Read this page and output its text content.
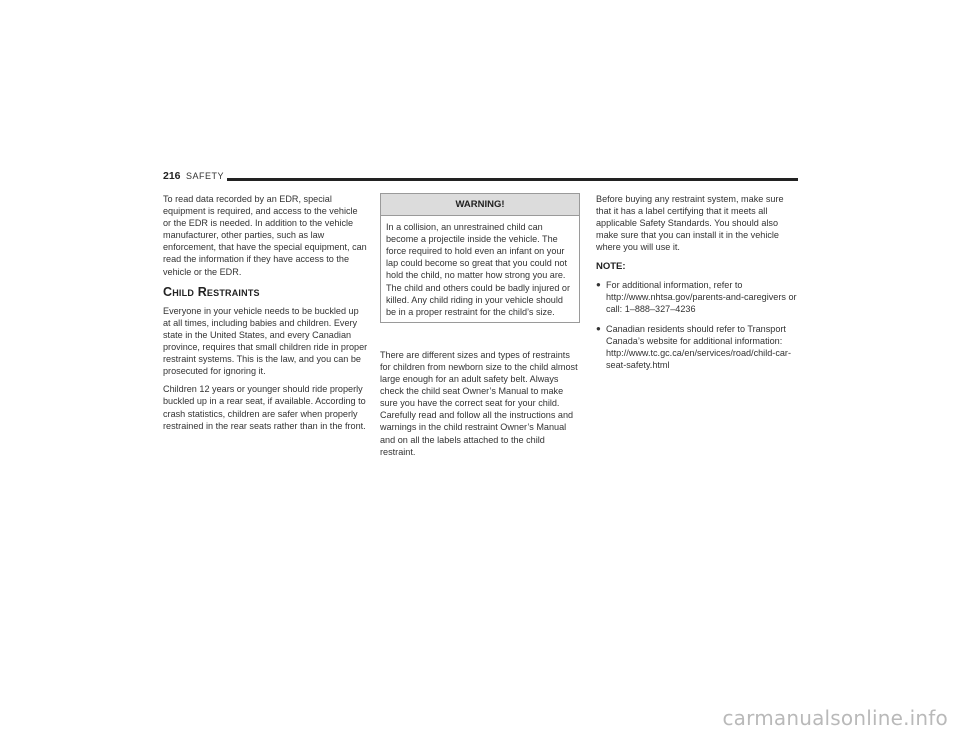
216 SAFETY

To read data recorded by an EDR, special equipment is required, and access to the vehicle or the EDR is needed. In addition to the vehicle manufacturer, other parties, such as law enforcement, that have the special equipment, can read the information if they have access to the vehicle or the EDR.

Child Restraints

Everyone in your vehicle needs to be buckled up at all times, including babies and children. Every state in the United States, and every Canadian province, requires that small children ride in proper restraint systems. This is the law, and you can be prosecuted for ignoring it.

Children 12 years or younger should ride properly buckled up in a rear seat, if available. According to crash statistics, children are safer when properly restrained in the rear seats rather than in the front.

WARNING!
In a collision, an unrestrained child can become a projectile inside the vehicle. The force required to hold even an infant on your lap could become so great that you could not hold the child, no matter how strong you are. The child and others could be badly injured or killed. Any child riding in your vehicle should be in a proper restraint for the child’s size.

There are different sizes and types of restraints for children from newborn size to the child almost large enough for an adult safety belt. Always check the child seat Owner’s Manual to make sure you have the correct seat for your child. Carefully read and follow all the instructions and warnings in the child restraint Owner’s Manual and on all the labels attached to the child restraint.

Before buying any restraint system, make sure that it has a label certifying that it meets all applicable Safety Standards. You should also make sure that you can install it in the vehicle where you will use it.

NOTE:
● For additional information, refer to http://www.nhtsa.gov/parents-and-caregivers or call: 1–888–327–4236
● Canadian residents should refer to Transport Canada’s website for additional information: http://www.tc.gc.ca/en/services/road/child-car-seat-safety.html
carmanualsonline.info
